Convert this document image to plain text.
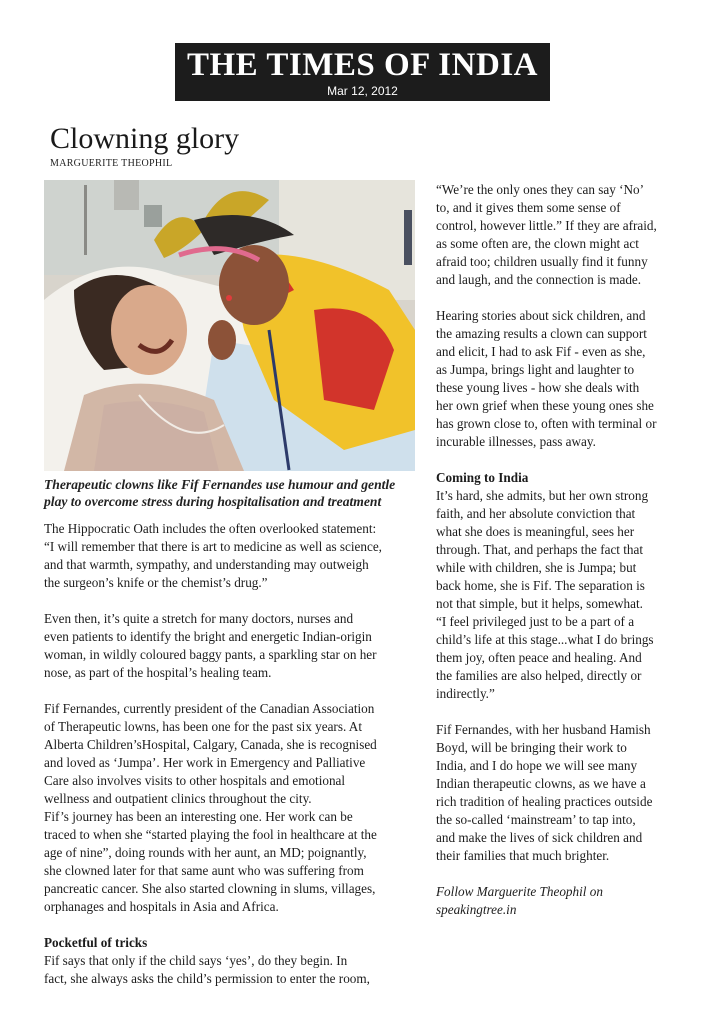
THE TIMES OF INDIA
Mar 12, 2012
Clowning glory
MARGUERITE THEOPHIL
Therapeutic clowns like Fif Fernandes use humour and gentle
play to overcome stress during hospitalisation and treatment

The Hippocratic Oath includes the often overlooked statement:
“I will remember that there is art to medicine as well as science,
and that warmth, sympathy, and understanding may outweigh
the surgeon’s knife or the chemist’s drug.”

Even then, it’s quite a stretch for many doctors, nurses and
even patients to identify the bright and energetic Indian-origin
woman, in wildly coloured baggy pants, a sparkling star on her
nose, as part of the hospital’s healing team.

Fif Fernandes, currently president of the Canadian Association
of Therapeutic lowns, has been one for the past six years. At
Alberta Children’sHospital, Calgary, Canada, she is recognised
and loved as ‘Jumpa’. Her work in Emergency and Palliative
Care also involves visits to other hospitals and emotional
wellness and outpatient clinics throughout the city.
Fif’s journey has been an interesting one. Her work can be
traced to when she “started playing the fool in healthcare at the
age of nine”, doing rounds with her aunt, an MD; poignantly,
she clowned later for that same aunt who was suffering from
pancreatic cancer. She also started clowning in slums, villages,
orphanages and hospitals in Asia and Africa.

Pocketful of tricks

Fif says that only if the child says ‘yes’, do they begin. In
fact, she always asks the child’s permission to enter the room,

“We’re the only ones they can say ‘No’
to, and it gives them some sense of
control, however little.” If they are afraid,
as some often are, the clown might act
afraid too; children usually find it funny
and laugh, and the connection is made.

Hearing stories about sick children, and
the amazing results a clown can support
and elicit, I had to ask Fif - even as she,
as Jumpa, brings light and laughter to
these young lives - how she deals with
her own grief when these young ones she
has grown close to, often with terminal or
incurable illnesses, pass away.

Coming to India

It’s hard, she admits, but her own strong
faith, and her absolute conviction that
what she does is meaningful, sees her
through. That, and perhaps the fact that
while with children, she is Jumpa; but
back home, she is Fif. The separation is
not that simple, but it helps, somewhat.
“I feel privileged just to be a part of a
child’s life at this stage...what I do brings
them joy, often peace and healing. And
the families are also helped, directly or
indirectly.”

Fif Fernandes, with her husband Hamish
Boyd, will be bringing their work to
India, and I do hope we will see many
Indian therapeutic clowns, as we have a
rich tradition of healing practices outside
the so-called ‘mainstream’ to tap into,
and make the lives of sick children and
their families that much brighter.

Follow Marguerite Theophil on
speakingtree.in
